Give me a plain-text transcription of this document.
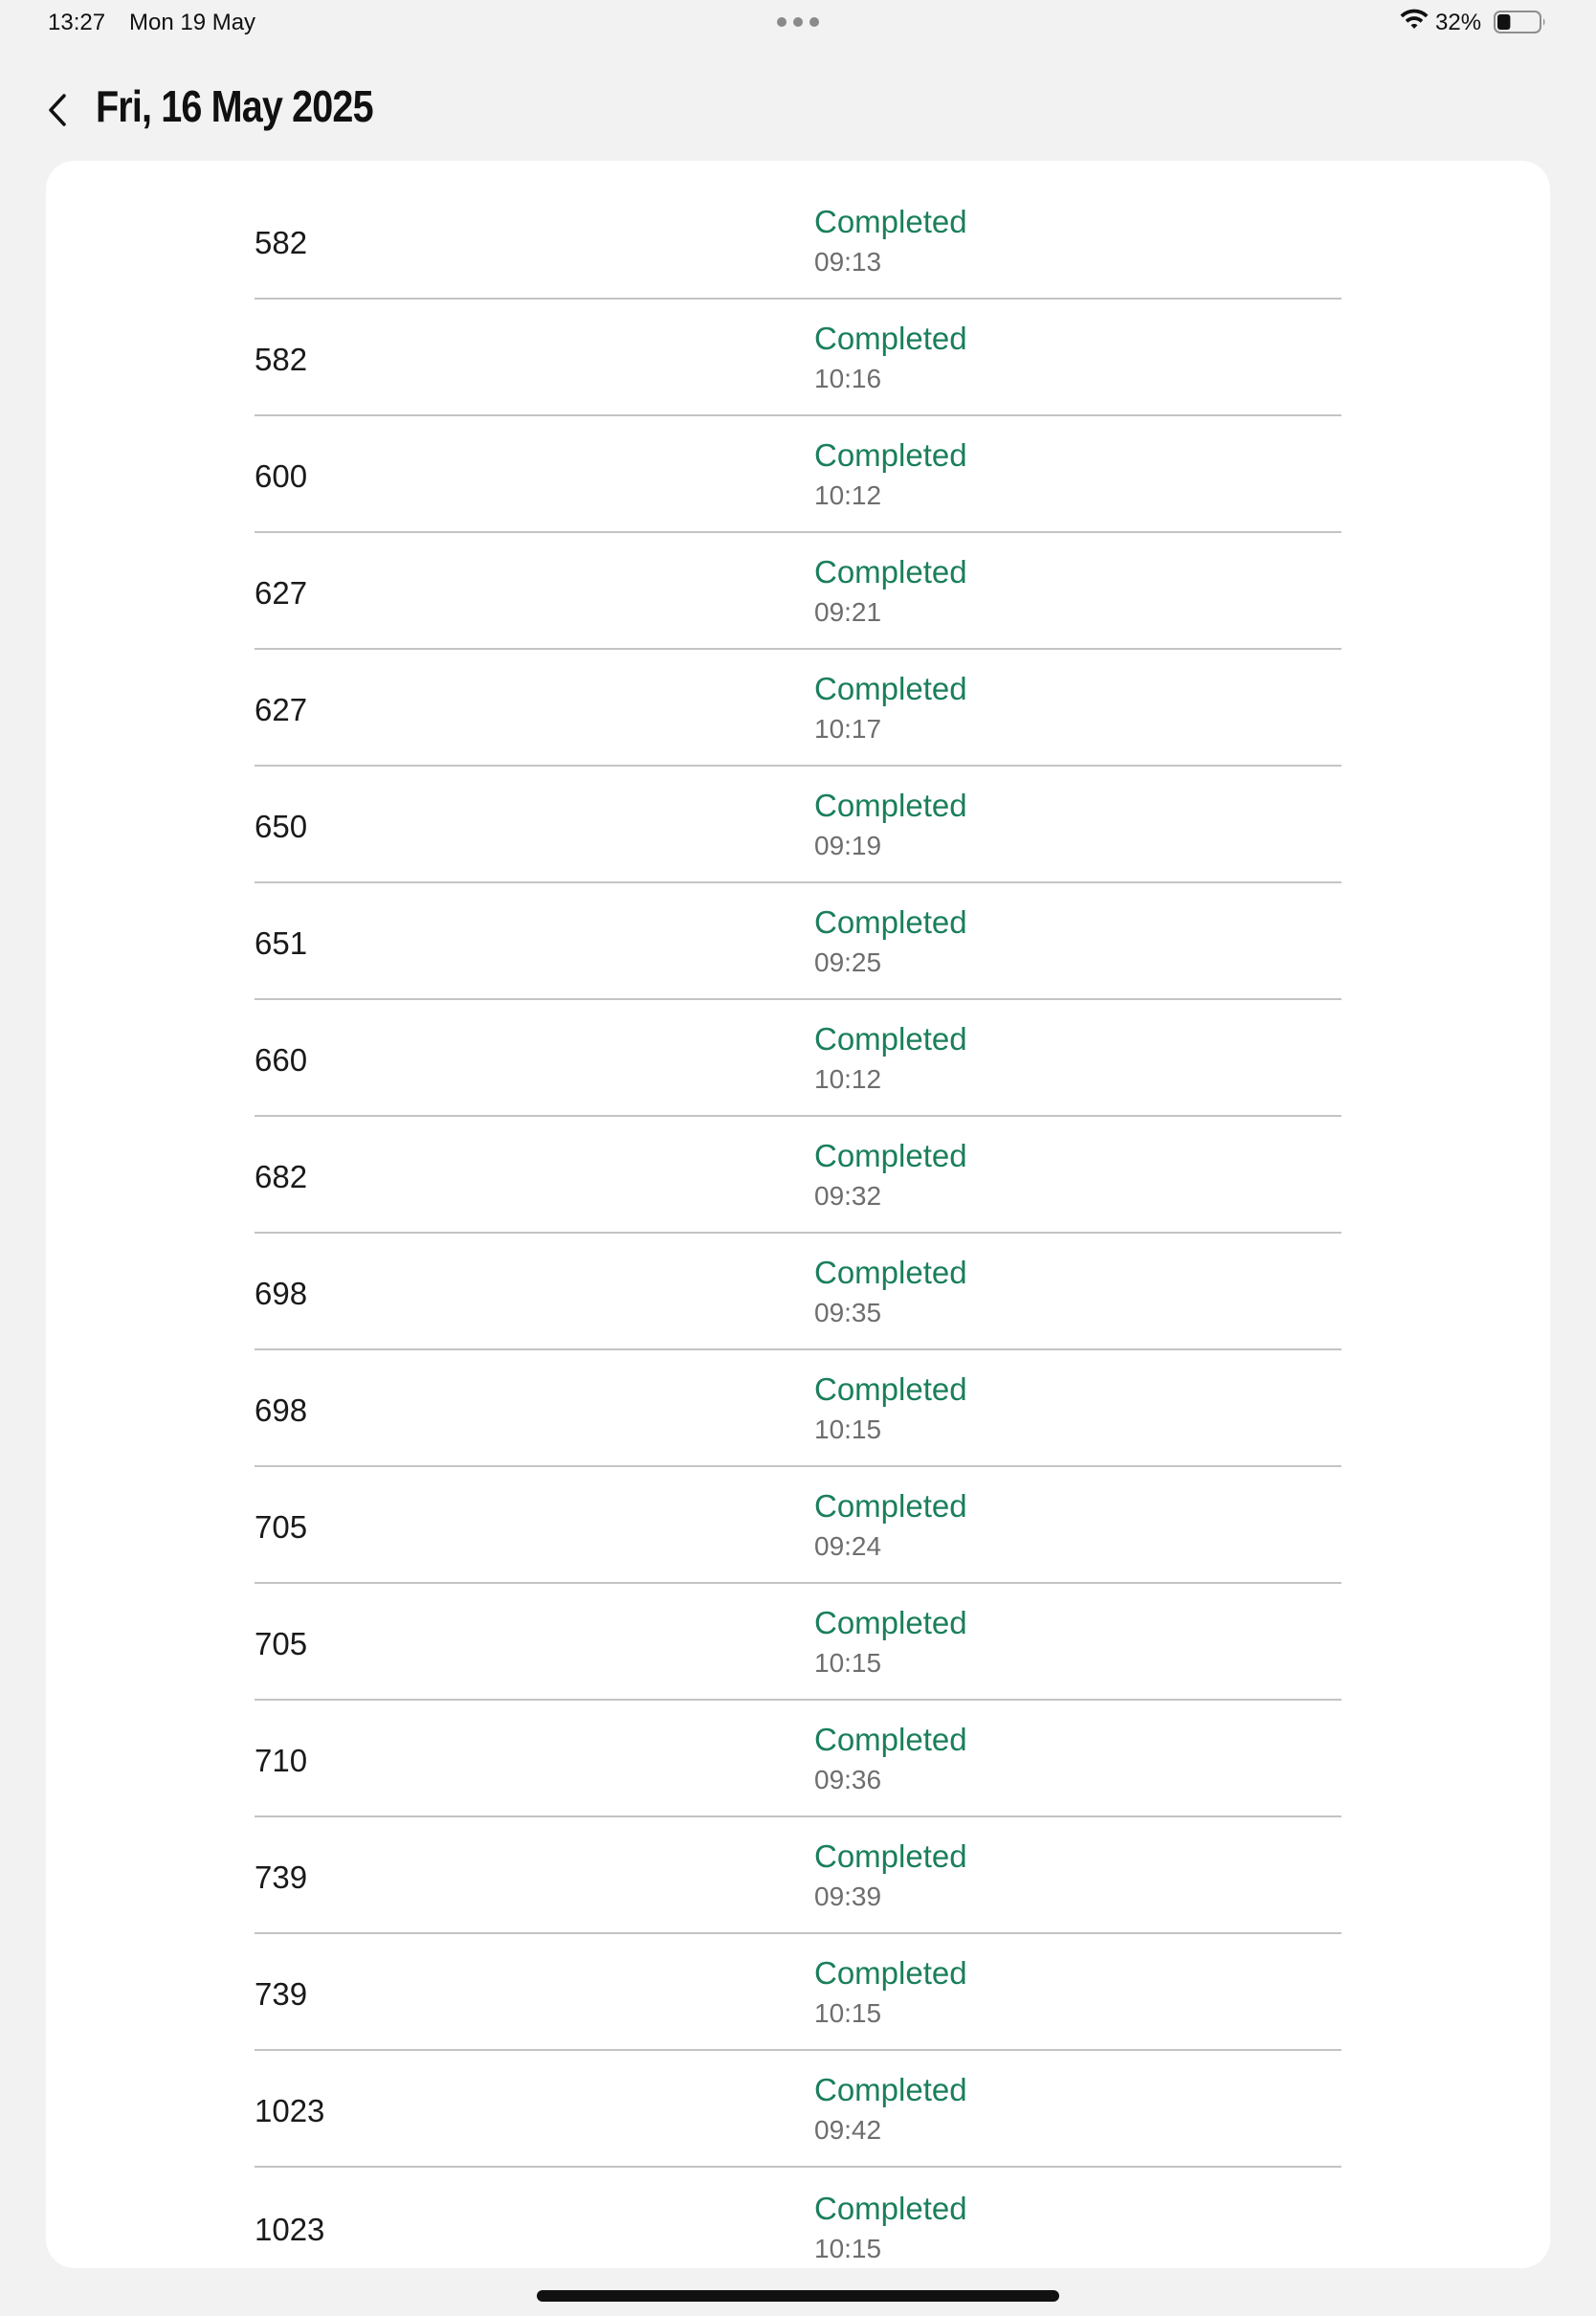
13:27 Mon 19 May	32%
Fri, 16 May 2025
582
Completed
09:13
582
Completed
10:16
600
Completed
10:12
627
Completed
09:21
627
Completed
10:17
650
Completed
09:19
651
Completed
09:25
660
Completed
10:12
682
Completed
09:32
698
Completed
09:35
698
Completed
10:15
705
Completed
09:24
705
Completed
10:15
710
Completed
09:36
739
Completed
09:39
739
Completed
10:15
1023
Completed
09:42
1023
Completed
10:15
